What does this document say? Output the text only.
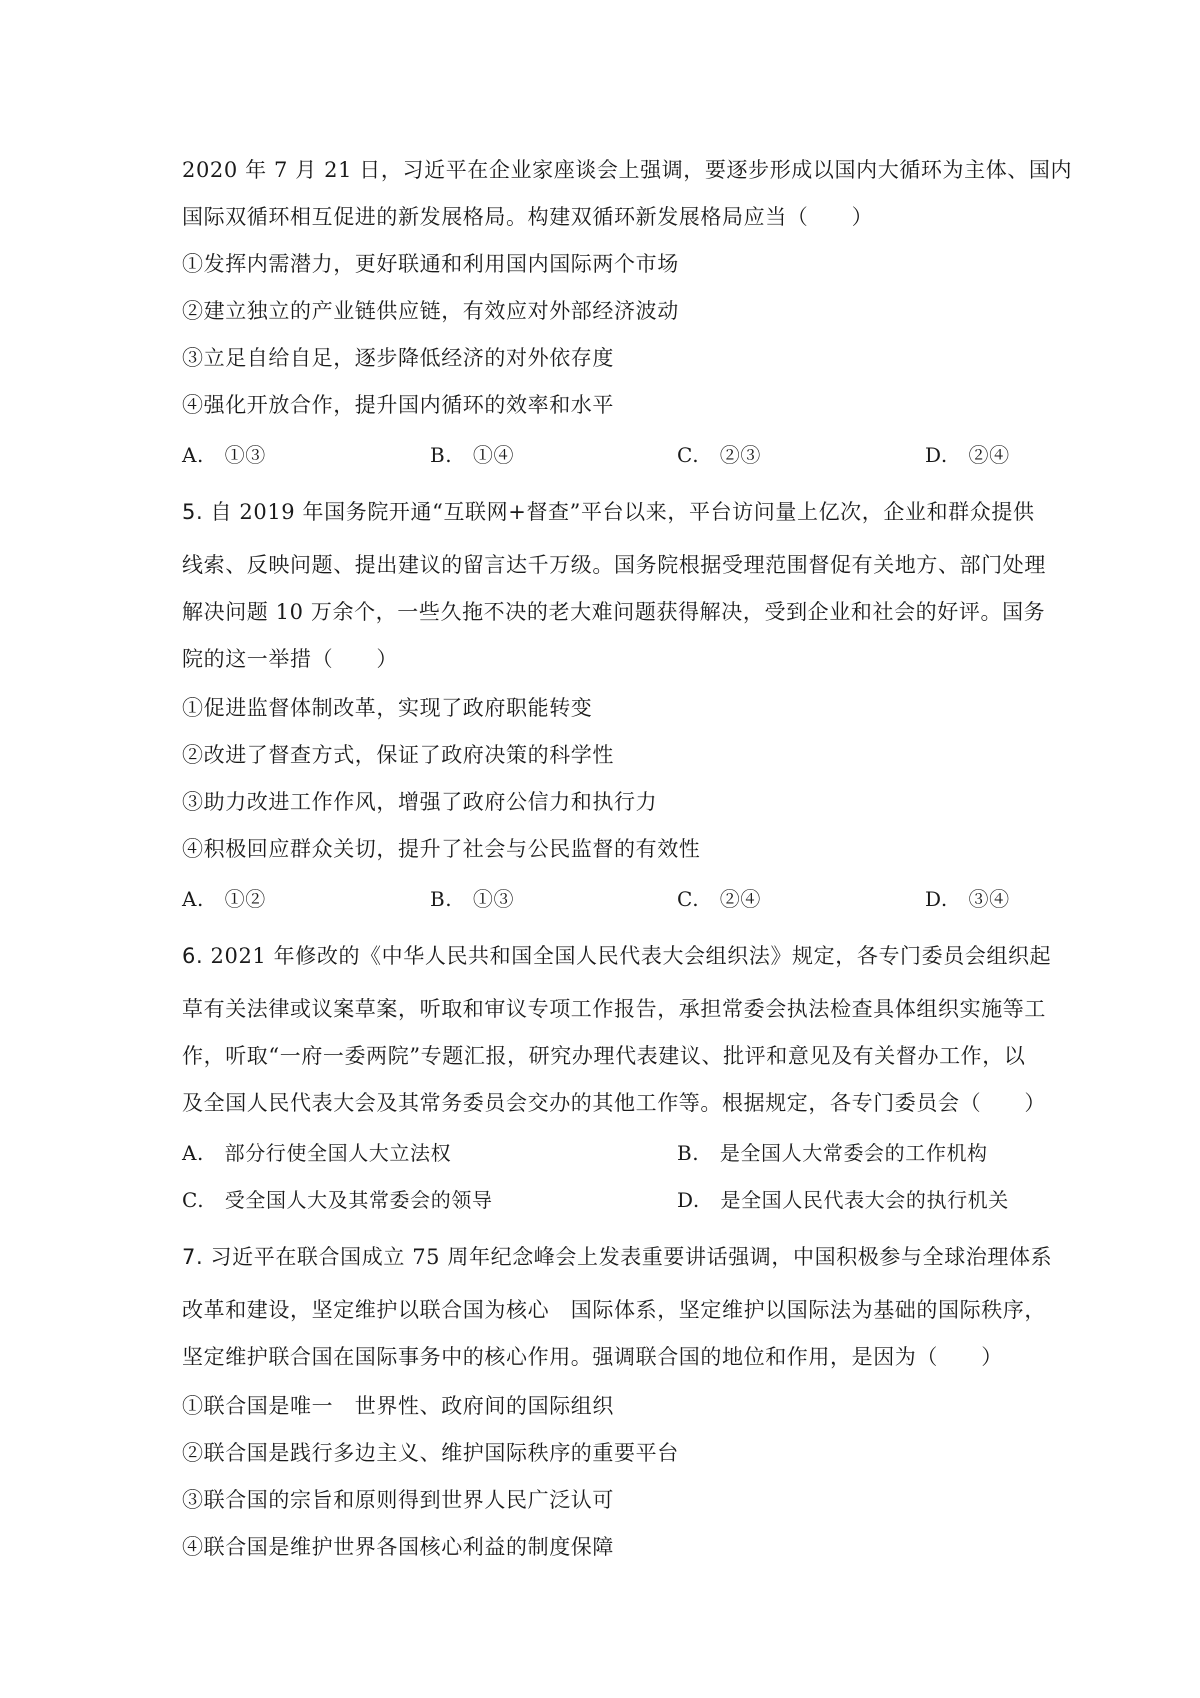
2020 年 7 月 21 日，习近平在企业家座谈会上强调，要逐步形成以国内大循环为主体、国内
国际双循环相互促进的新发展格局。构建双循环新发展格局应当（　　）
①发挥内需潜力，更好联通和利用国内国际两个市场
②建立独立的产业链供应链，有效应对外部经济波动
③立足自给自足，逐步降低经济的对外依存度
④强化开放合作，提升国内循环的效率和水平
A.　①③	B.　①④	C.　②③	D.　②④
5. 自 2019 年国务院开通“互联网+督查”平台以来，平台访问量上亿次，企业和群众提供
线索、反映问题、提出建议的留言达千万级。国务院根据受理范围督促有关地方、部门处理
解决问题 10 万余个，一些久拖不决的老大难问题获得解决，受到企业和社会的好评。国务
院的这一举措（　　）
①促进监督体制改革，实现了政府职能转变
②改进了督查方式，保证了政府决策的科学性
③助力改进工作作风，增强了政府公信力和执行力
④积极回应群众关切，提升了社会与公民监督的有效性
A.　①②	B.　①③	C.　②④	D.　③④
6. 2021 年修改的《中华人民共和国全国人民代表大会组织法》规定，各专门委员会组织起
草有关法律或议案草案，听取和审议专项工作报告，承担常委会执法检查具体组织实施等工
作，听取“一府一委两院”专题汇报，研究办理代表建议、批评和意见及有关督办工作，以
及全国人民代表大会及其常务委员会交办的其他工作等。根据规定，各专门委员会（　　）
A.　部分行使全国人大立法权	B.　是全国人大常委会的工作机构
C.　受全国人大及其常委会的领导	D.　是全国人民代表大会的执行机关
7. 习近平在联合国成立 75 周年纪念峰会上发表重要讲话强调，中国积极参与全球治理体系
改革和建设，坚定维护以联合国为核心　国际体系，坚定维护以国际法为基础的国际秩序，
坚定维护联合国在国际事务中的核心作用。强调联合国的地位和作用，是因为（　　）
①联合国是唯一　世界性、政府间的国际组织
②联合国是践行多边主义、维护国际秩序的重要平台
③联合国的宗旨和原则得到世界人民广泛认可
④联合国是维护世界各国核心利益的制度保障
